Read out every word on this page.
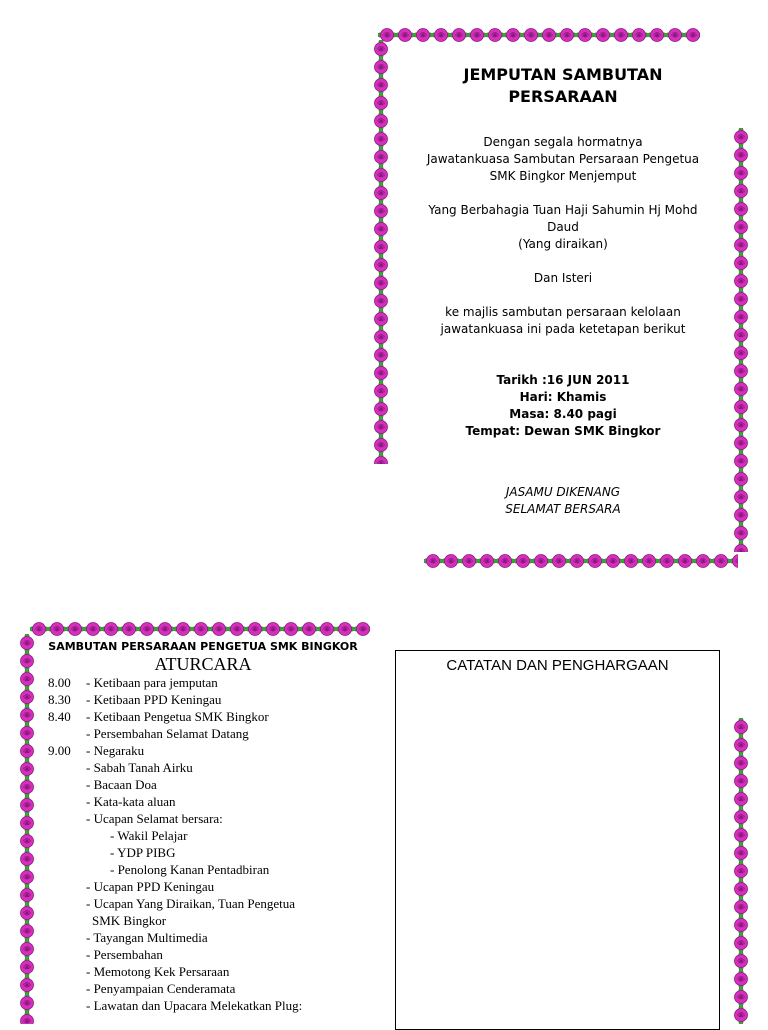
JEMPUTAN SAMBUTAN
PERSARAAN
Dengan segala hormatnya
Jawatankuasa Sambutan Persaraan Pengetua
SMK Bingkor Menjemput
Yang Berbahagia Tuan Haji Sahumin Hj Mohd
Daud
(Yang diraikan)
Dan Isteri
ke majlis sambutan persaraan kelolaan
jawatankuasa ini pada ketetapan berikut
Tarikh :16 JUN 2011
Hari: Khamis
Masa: 8.40 pagi
Tempat: Dewan SMK Bingkor
JASAMU DIKENANG
SELAMAT BERSARA
SAMBUTAN PERSARAAN PENGETUA SMK BINGKOR
ATURCARA
8.00	- Ketibaan para jemputan
8.30	- Ketibaan PPD Keningau
8.40	- Ketibaan Pengetua SMK Bingkor
- Persembahan Selamat Datang
9.00	- Negaraku
- Sabah Tanah Airku
- Bacaan Doa
- Kata-kata aluan
- Ucapan Selamat bersara:
- Wakil Pelajar
- YDP PIBG
- Penolong Kanan Pentadbiran
- Ucapan PPD Keningau
- Ucapan Yang Diraikan, Tuan Pengetua
SMK Bingkor
- Tayangan Multimedia
- Persembahan
- Memotong Kek Persaraan
- Penyampaian Cenderamata
- Lawatan dan Upacara Melekatkan Plug:
CATATAN DAN PENGHARGAAN
